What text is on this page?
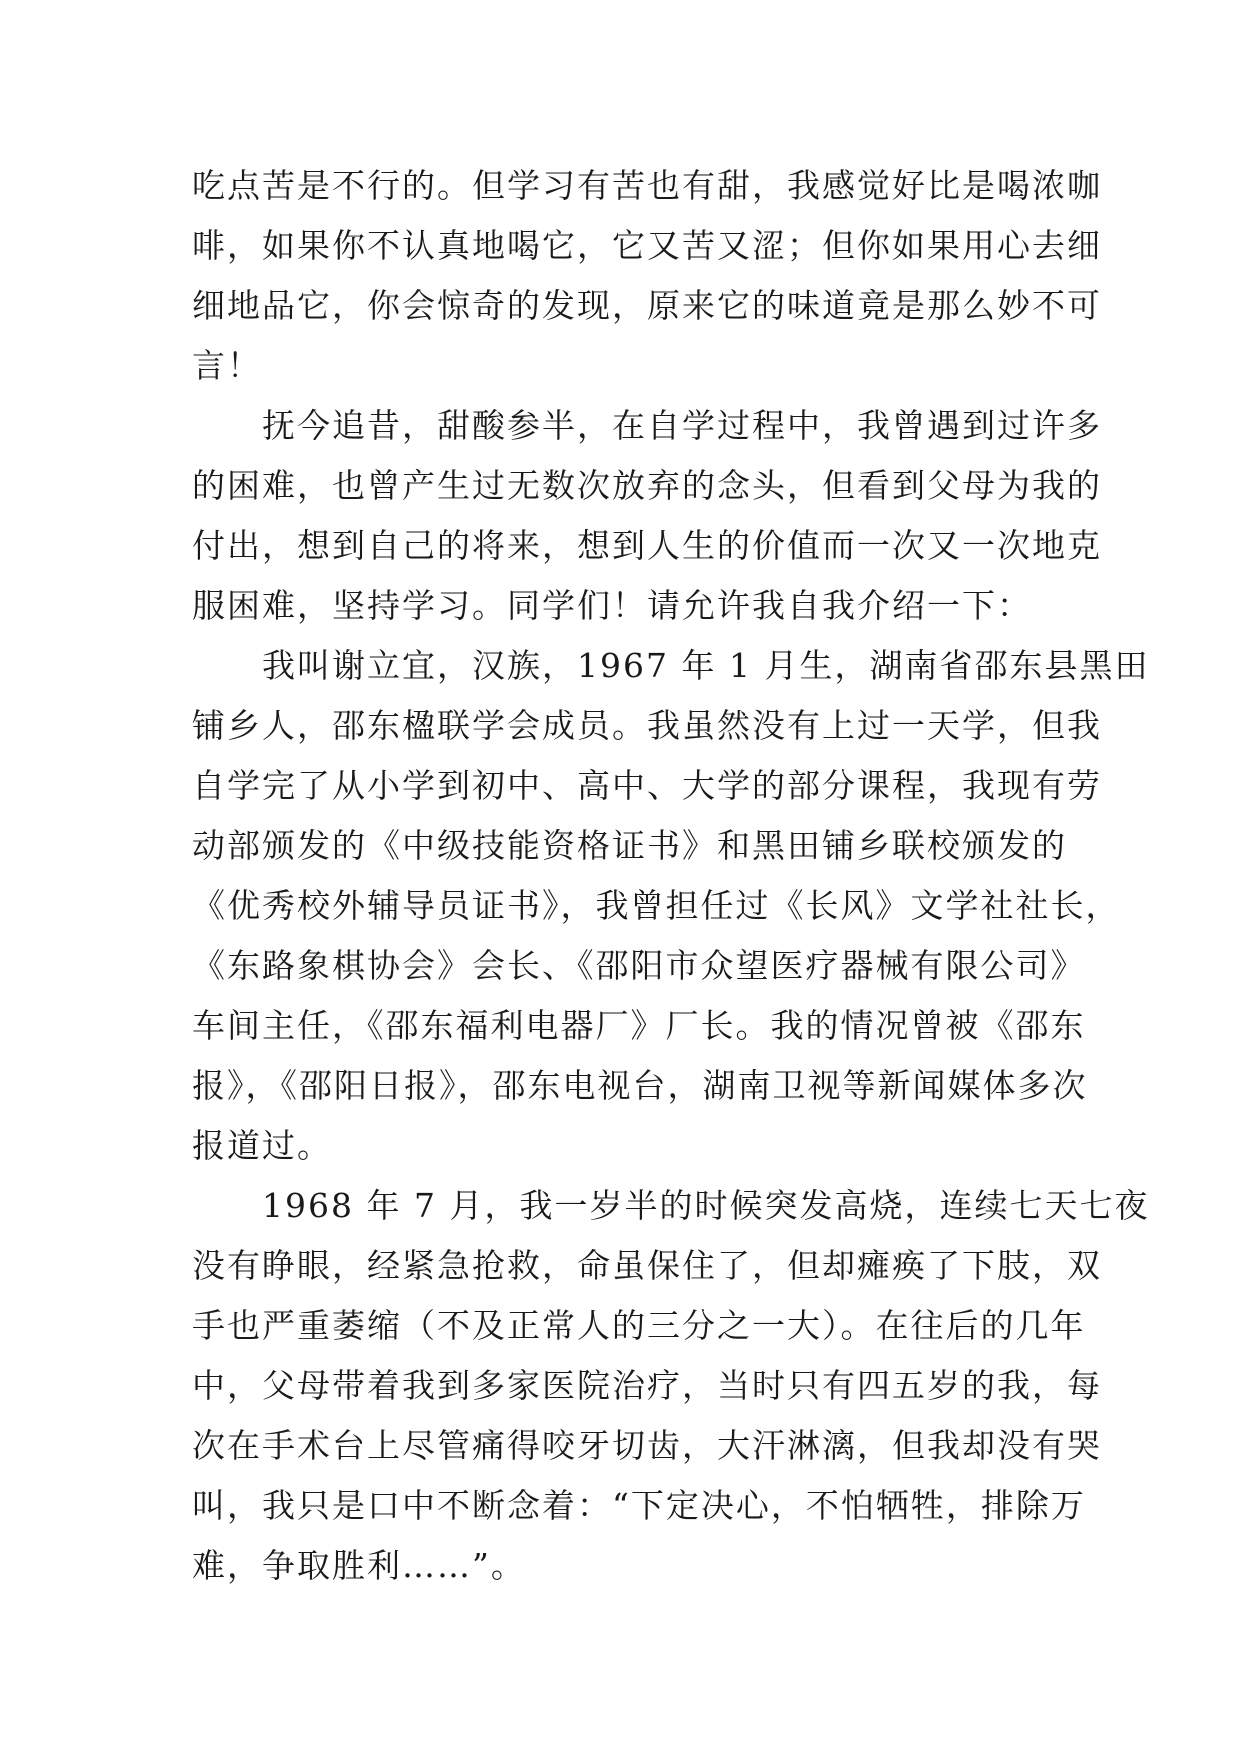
吃点苦是不行的。但学习有苦也有甜，我感觉好比是喝浓咖
啡，如果你不认真地喝它，它又苦又涩；但你如果用心去细
细地品它，你会惊奇的发现，原来它的味道竟是那么妙不可
言！
抚今追昔，甜酸参半，在自学过程中，我曾遇到过许多
的困难，也曾产生过无数次放弃的念头，但看到父母为我的
付出，想到自己的将来，想到人生的价值而一次又一次地克
服困难，坚持学习。同学们！请允许我自我介绍一下：
我叫谢立宜，汉族，1967 年 1 月生，湖南省邵东县黑田
铺乡人，邵东楹联学会成员。我虽然没有上过一天学，但我
自学完了从小学到初中、高中、大学的部分课程，我现有劳
动部颁发的《中级技能资格证书》和黑田铺乡联校颁发的
《优秀校外辅导员证书》，我曾担任过《长风》文学社社长，
《东路象棋协会》会长、《邵阳市众望医疗器械有限公司》
车间主任，《邵东福利电器厂》厂长。我的情况曾被《邵东
报》，《邵阳日报》，邵东电视台，湖南卫视等新闻媒体多次
报道过。
1968 年 7 月，我一岁半的时候突发高烧，连续七天七夜
没有睁眼，经紧急抢救，命虽保住了，但却瘫痪了下肢，双
手也严重萎缩（不及正常人的三分之一大）。在往后的几年
中，父母带着我到多家医院治疗，当时只有四五岁的我，每
次在手术台上尽管痛得咬牙切齿，大汗淋漓，但我却没有哭
叫，我只是口中不断念着：“下定决心，不怕牺牲，排除万
难，争取胜利……”。
